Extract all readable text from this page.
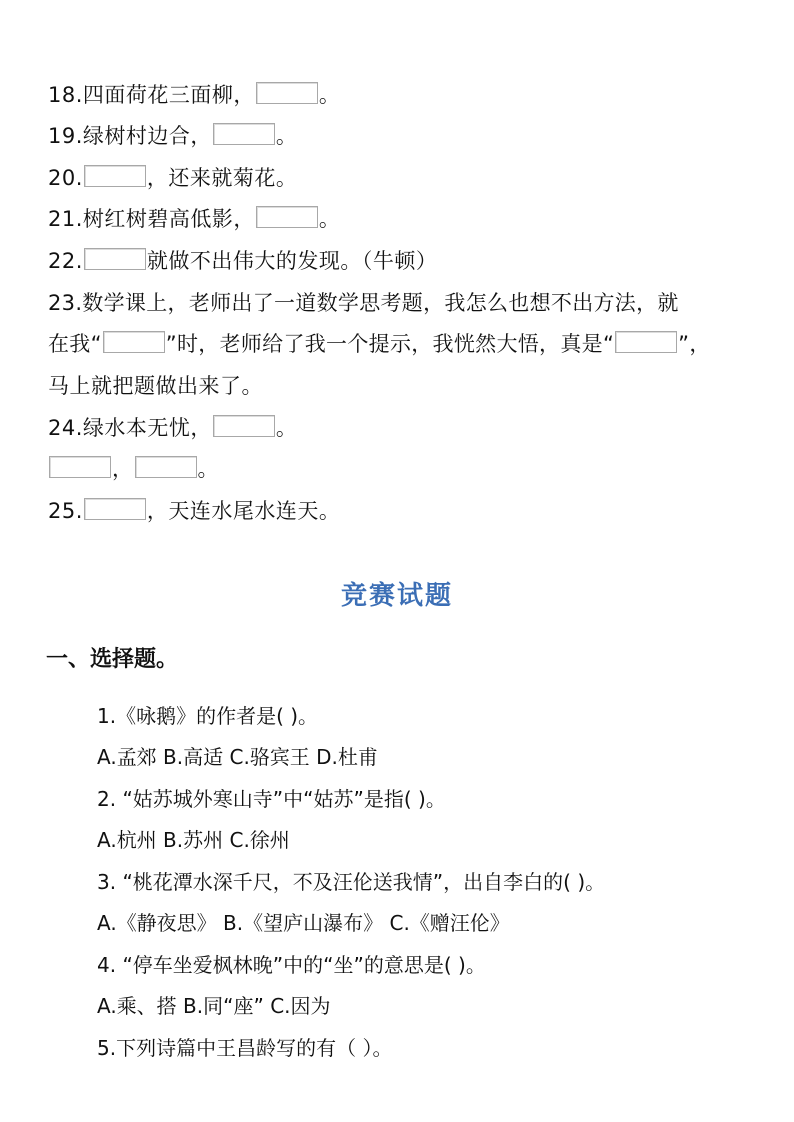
18.四面荷花三面柳，	。
19.绿树村边合，	。
20.	，还来就菊花。
21.树红树碧高低影，	。
22.	就做不出伟大的发现。（牛顿）
23.数学课上，老师出了一道数学思考题，我怎么也想不出方法，就
在我“	”时，老师给了我一个提示，我恍然大悟，真是“	”，
马上就把题做出来了。
24.绿水本无忧，	。
，	。
25.	，天连水尾水连天。
竞赛试题
一、选择题。
1.《咏鹅》的作者是( )。
A.孟郊 B.高适 C.骆宾王 D.杜甫
2. “姑苏城外寒山寺”中“姑苏”是指( )。
A.杭州 B.苏州 C.徐州
3. “桃花潭水深千尺，不及汪伦送我情”，出自李白的( )。
A.《静夜思》 B.《望庐山瀑布》 C.《赠汪伦》
4. “停车坐爱枫林晚”中的“坐”的意思是( )。
A.乘、搭 B.同“座” C.因为
5.下列诗篇中王昌龄写的有（ ）。
